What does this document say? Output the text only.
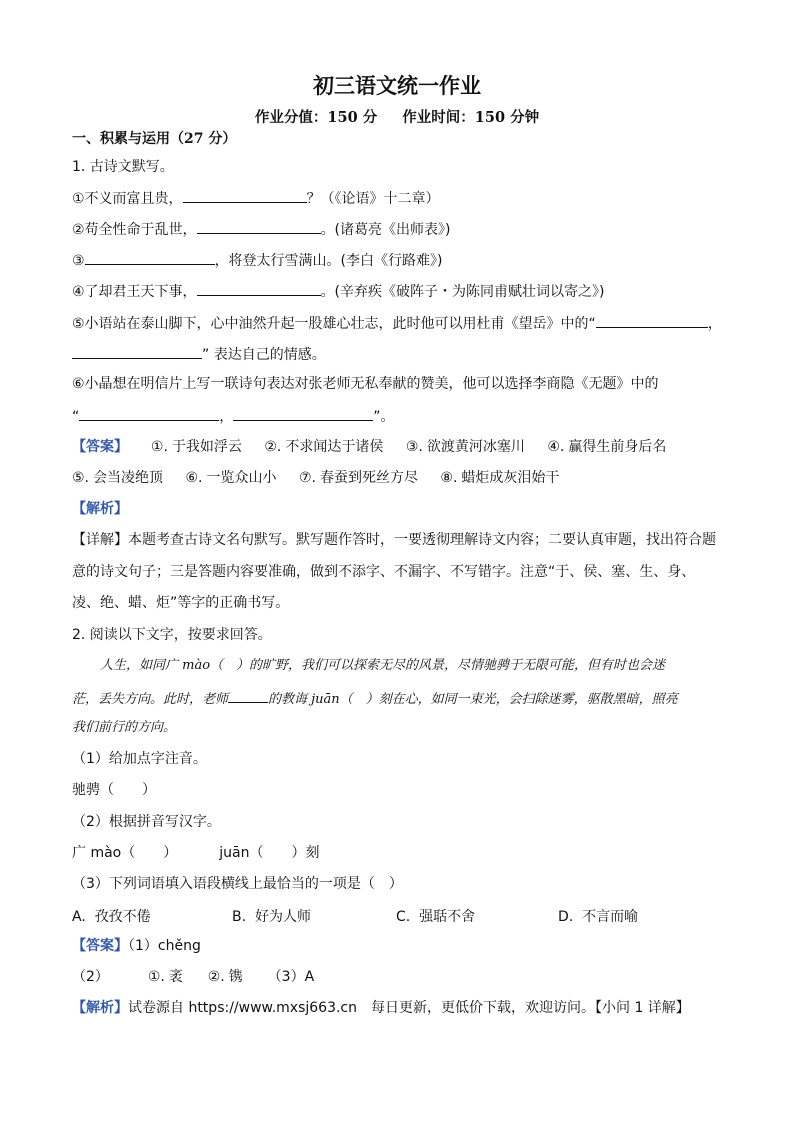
初三语文统一作业
作业分值：150 分 作业时间：150 分钟
一、积累与运用（27 分）
1. 古诗文默写。
①不义而富且贵，	？（《论语》十二章）
②苟全性命于乱世，	。(诸葛亮《出师表》)
③	，将登太行雪满山。(李白《行路难》)
④了却君王天下事，	。(辛弃疾《破阵子・为陈同甫赋壮词以寄之》)
⑤小语站在泰山脚下，心中油然升起一股雄心壮志，此时他可以用杜甫《望岳》中的“	，
” 表达自己的情感。
⑥小晶想在明信片上写一联诗句表达对张老师无私奉献的赞美，他可以选择李商隐《无题》中的
“	，	”。
【答案】 ①. 于我如浮云 ②. 不求闻达于诸侯 ③. 欲渡黄河冰塞川 ④. 赢得生前身后名
⑤. 会当凌绝顶 ⑥. 一览众山小 ⑦. 春蚕到死丝方尽 ⑧. 蜡炬成灰泪始干
【解析】
【详解】本题考查古诗文名句默写。默写题作答时，一要透彻理解诗文内容；二要认真审题，找出符合题
意的诗文句子；三是答题内容要准确，做到不添字、不漏字、不写错字。注意“于、侯、塞、生、身、
凌、绝、蜡、炬”等字的正确书写。
2. 阅读以下文字，按要求回答。
人生，如同广 mào（　）的旷野，我们可以探索无尽的风景，尽情驰骋于无限可能，但有时也会迷
茫，丢失方向。此时，老师	的教诲 juān（　）刻在心，如同一束光，会扫除迷雾，驱散黑暗，照亮
我们前行的方向。
（1）给加点字注音。
驰骋（　　）
（2）根据拼音写汉字。
广 mào（　　）	juān（　　）刻
（3）下列词语填入语段横线上最恰当的一项是（　）
A. 孜孜不倦	B. 好为人师	C. 强聒不舍	D. 不言而喻
【答案】（1）chěng
（2）	①. 袤 ②. 镌 （3）A
【解析】试卷源自 https://www.mxsj663.cn　每日更新，更低价下载，欢迎访问。【小问 1 详解】
